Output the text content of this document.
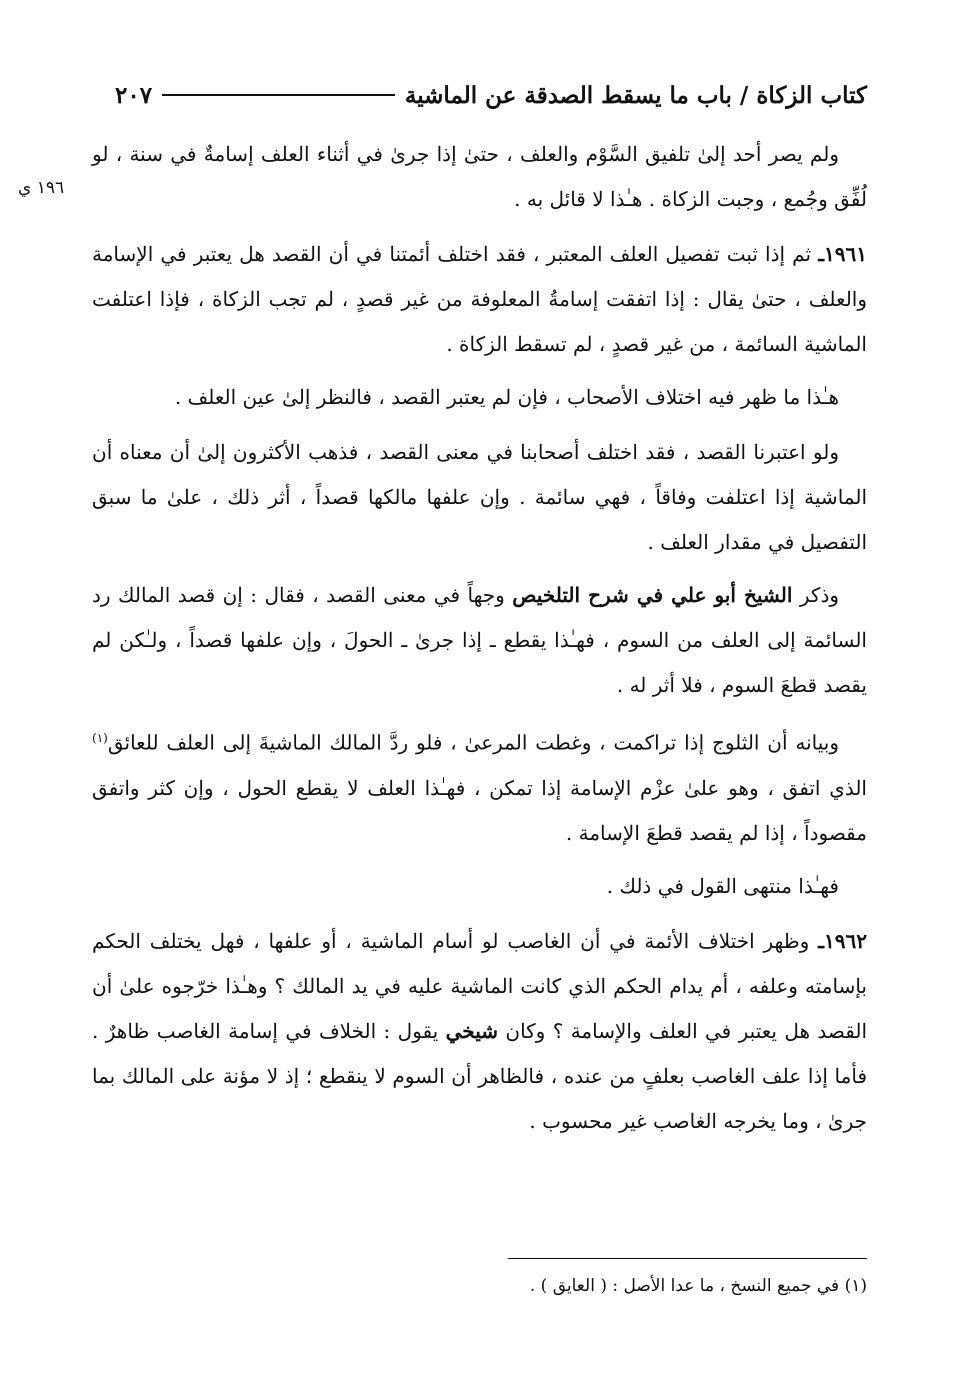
كتاب الزكاة / باب ما يسقط الصدقة عن الماشية
٢٠٧
١٩٦ ي

ولم يصر أحد إلىٰ تلفيق السَّوْم والعلف ، حتىٰ إذا جرىٰ في أثناء العلف إسامةٌ في سنة ، لو لُفِّق وجُمع ، وجبت الزكاة . هـٰذا لا قائل به .

١٩٦١ـ ثم إذا ثبت تفصيل العلف المعتبر ، فقد اختلف أئمتنا في أن القصد هل يعتبر في الإسامة والعلف ، حتىٰ يقال : إذا اتفقت إسامةُ المعلوفة من غير قصدٍ ، لم تجب الزكاة ، فإذا اعتلفت الماشية السائمة ، من غير قصدٍ ، لم تسقط الزكاة .

هـٰذا ما ظهر فيه اختلاف الأصحاب ، فإن لم يعتبر القصد ، فالنظر إلىٰ عين العلف .

ولو اعتبرنا القصد ، فقد اختلف أصحابنا في معنى القصد ، فذهب الأكثرون إلىٰ أن معناه أن الماشية إذا اعتلفت وفاقاً ، فهي سائمة . وإن علفها مالكها قصداً ، أثر ذلك ، علىٰ ما سبق التفصيل في مقدار العلف .

وذكر الشيخ أبو علي في شرح التلخيص وجهاً في معنى القصد ، فقال : إن قصد المالك رد السائمة إلى العلف من السوم ، فهـٰذا يقطع ـ إذا جرىٰ ـ الحولَ ، وإن علفها قصداً ، ولـٰكن لم يقصد قطعَ السوم ، فلا أثر له .

وبيانه أن الثلوج إذا تراكمت ، وغطت المرعىٰ ، فلو ردَّ المالك الماشيةَ إلى العلف للعائق$^{(١)}$ الذي اتفق ، وهو علىٰ عزْم الإسامة إذا تمكن ، فهـٰذا العلف لا يقطع الحول ، وإن كثر واتفق مقصوداً ، إذا لم يقصد قطعَ الإسامة .

فهـٰذا منتهى القول في ذلك .

١٩٦٢ـ وظهر اختلاف الأئمة في أن الغاصب لو أسام الماشية ، أو علفها ، فهل يختلف الحكم بإسامته وعلفه ، أم يدام الحكم الذي كانت الماشية عليه في يد المالك ؟ وهـٰذا خرّجوه علىٰ أن القصد هل يعتبر في العلف والإسامة ؟ وكان شيخي يقول : الخلاف في إسامة الغاصب ظاهرٌ . فأما إذا علف الغاصب بعلفٍ من عنده ، فالظاهر أن السوم لا ينقطع ؛ إذ لا مؤنة على المالك بما جرىٰ ، وما يخرجه الغاصب غير محسوب .

(١) في جميع النسخ ، ما عدا الأصل : ( العايق ) .
